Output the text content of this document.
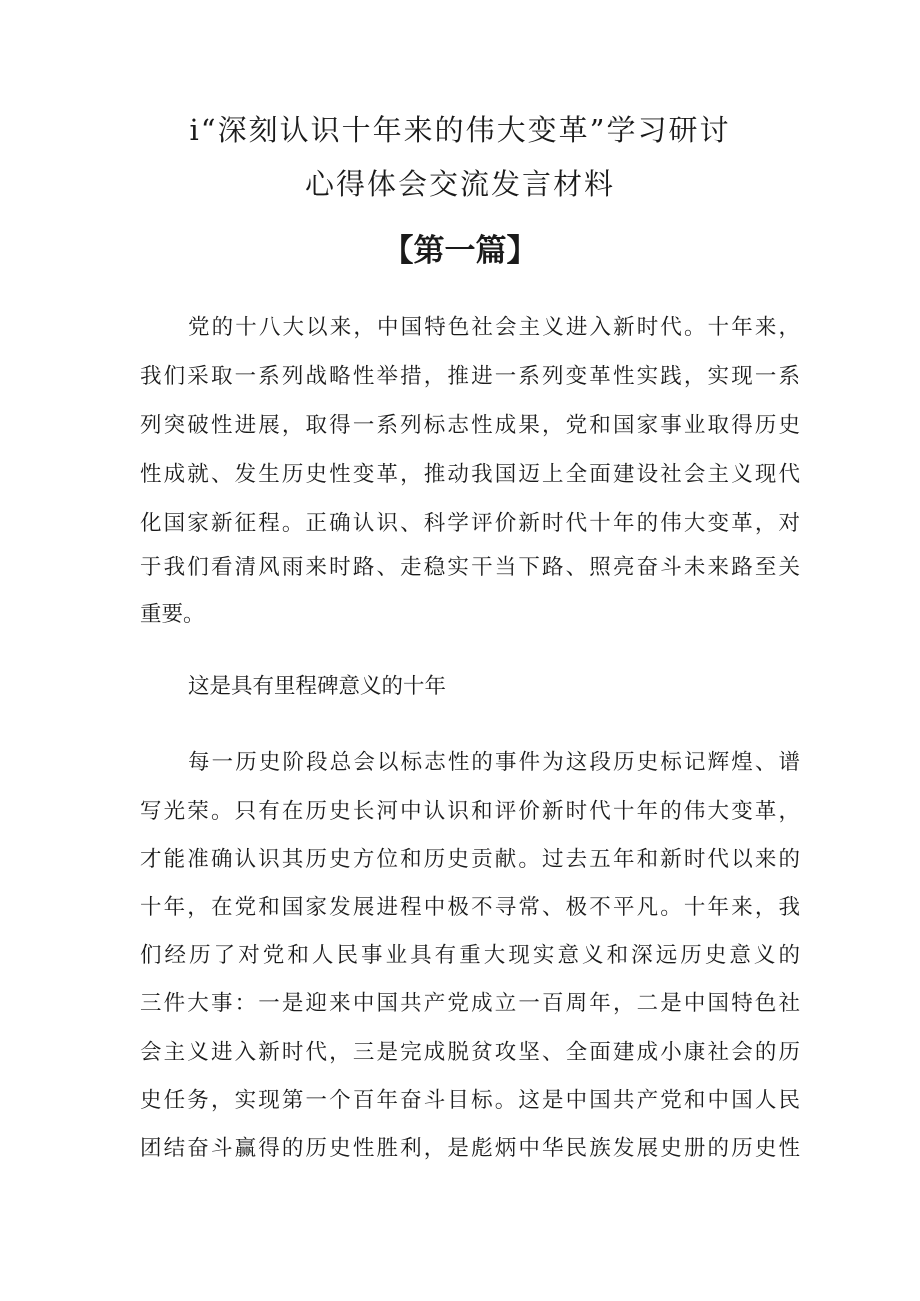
i“深刻认识十年来的伟大变革”学习研讨
心得体会交流发言材料
【第一篇】

党的十八大以来，中国特色社会主义进入新时代。十年来，

我们采取一系列战略性举措，推进一系列变革性实践，实现一系

列突破性进展，取得一系列标志性成果，党和国家事业取得历史

性成就、发生历史性变革，推动我国迈上全面建设社会主义现代

化国家新征程。正确认识、科学评价新时代十年的伟大变革，对

于我们看清风雨来时路、走稳实干当下路、照亮奋斗未来路至关

重要。

这是具有里程碑意义的十年

每一历史阶段总会以标志性的事件为这段历史标记辉煌、谱

写光荣。只有在历史长河中认识和评价新时代十年的伟大变革，

才能准确认识其历史方位和历史贡献。过去五年和新时代以来的

十年，在党和国家发展进程中极不寻常、极不平凡。十年来，我

们经历了对党和人民事业具有重大现实意义和深远历史意义的

三件大事：一是迎来中国共产党成立一百周年，二是中国特色社

会主义进入新时代，三是完成脱贫攻坚、全面建成小康社会的历

史任务，实现第一个百年奋斗目标。这是中国共产党和中国人民

团结奋斗赢得的历史性胜利，是彪炳中华民族发展史册的历史性
